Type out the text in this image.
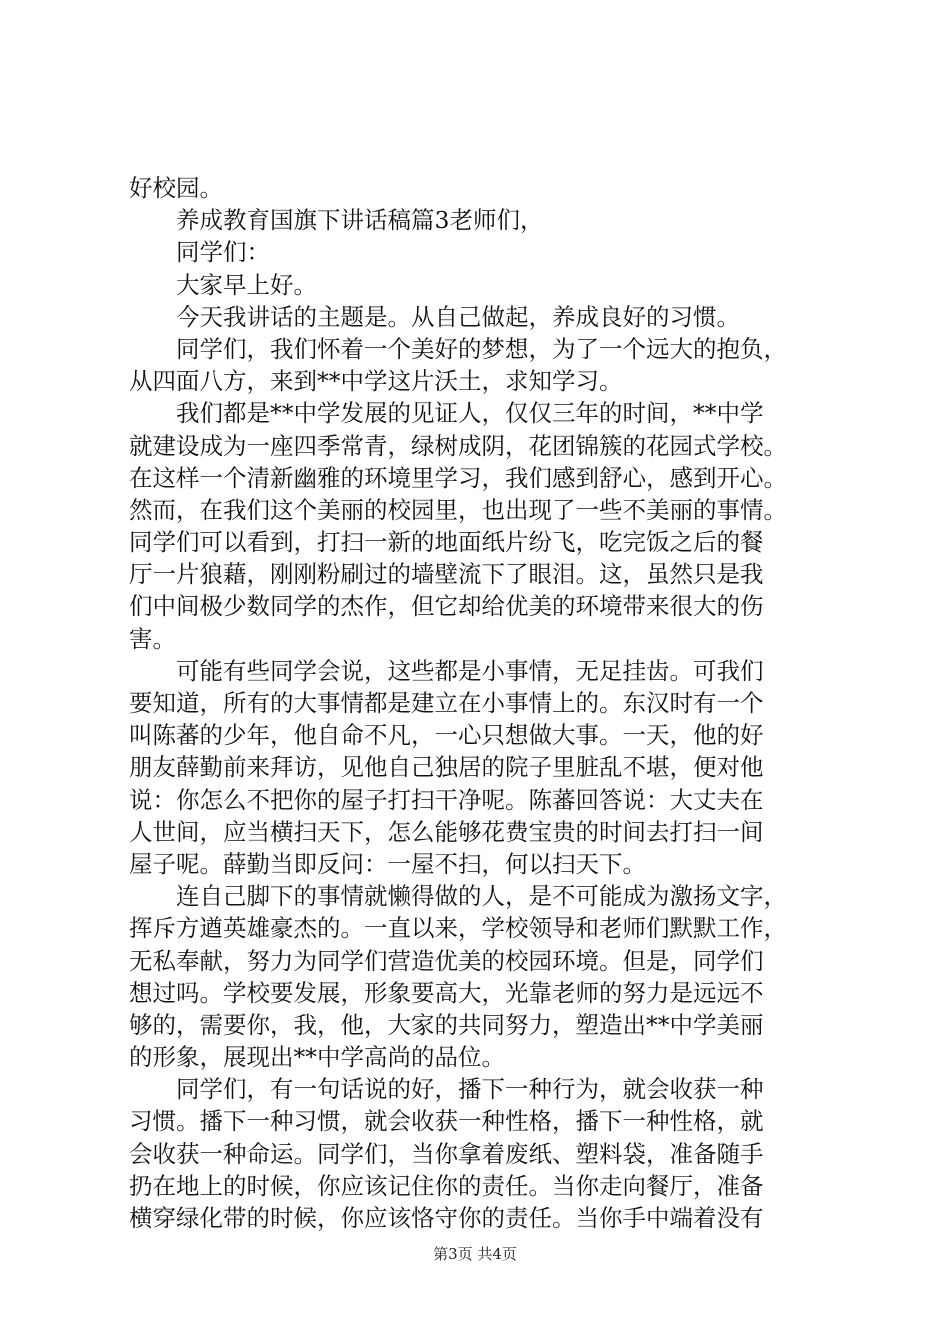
好校园。
养成教育国旗下讲话稿篇3老师们，
同学们：
大家早上好。
今天我讲话的主题是。从自己做起，养成良好的习惯。
同学们，我们怀着一个美好的梦想，为了一个远大的抱负，
从四面八方，来到**中学这片沃土，求知学习。
我们都是**中学发展的见证人，仅仅三年的时间，**中学
就建设成为一座四季常青，绿树成阴，花团锦簇的花园式学校。
在这样一个清新幽雅的环境里学习，我们感到舒心，感到开心。
然而，在我们这个美丽的校园里，也出现了一些不美丽的事情。
同学们可以看到，打扫一新的地面纸片纷飞，吃完饭之后的餐
厅一片狼藉，刚刚粉刷过的墙壁流下了眼泪。这，虽然只是我
们中间极少数同学的杰作，但它却给优美的环境带来很大的伤
害。
可能有些同学会说，这些都是小事情，无足挂齿。可我们
要知道，所有的大事情都是建立在小事情上的。东汉时有一个
叫陈蕃的少年，他自命不凡，一心只想做大事。一天，他的好
朋友薛勤前来拜访，见他自己独居的院子里脏乱不堪，便对他
说：你怎么不把你的屋子打扫干净呢。陈蕃回答说：大丈夫在
人世间，应当横扫天下，怎么能够花费宝贵的时间去打扫一间
屋子呢。薛勤当即反问：一屋不扫，何以扫天下。
连自己脚下的事情就懒得做的人，是不可能成为激扬文字，
挥斥方遒英雄豪杰的。一直以来，学校领导和老师们默默工作，
无私奉献，努力为同学们营造优美的校园环境。但是，同学们
想过吗。学校要发展，形象要高大，光靠老师的努力是远远不
够的，需要你，我，他，大家的共同努力，塑造出**中学美丽
的形象，展现出**中学高尚的品位。
同学们，有一句话说的好，播下一种行为，就会收获一种
习惯。播下一种习惯，就会收获一种性格，播下一种性格，就
会收获一种命运。同学们，当你拿着废纸、塑料袋，准备随手
扔在地上的时候，你应该记住你的责任。当你走向餐厅，准备
横穿绿化带的时候，你应该恪守你的责任。当你手中端着没有
第3页 共4页
